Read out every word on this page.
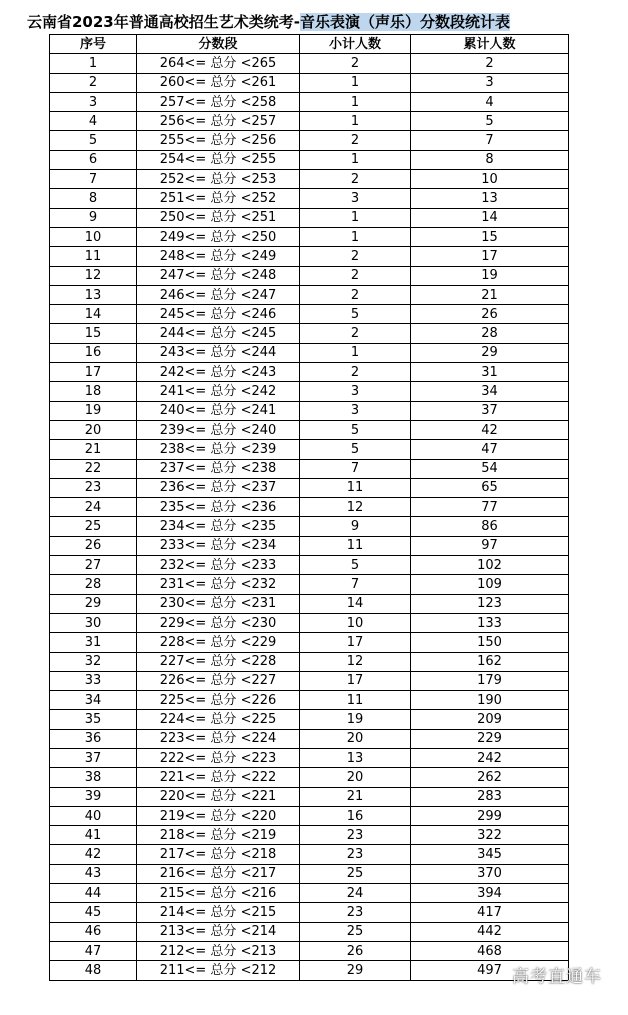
云南省2023年普通高校招生艺术类统考-音乐表演（声乐）分数段统计表
序号	分数段	小计人数	累计人数
1	264<= 总分 <265	2	2
2	260<= 总分 <261	1	3
3	257<= 总分 <258	1	4
4	256<= 总分 <257	1	5
5	255<= 总分 <256	2	7
6	254<= 总分 <255	1	8
7	252<= 总分 <253	2	10
8	251<= 总分 <252	3	13
9	250<= 总分 <251	1	14
10	249<= 总分 <250	1	15
11	248<= 总分 <249	2	17
12	247<= 总分 <248	2	19
13	246<= 总分 <247	2	21
14	245<= 总分 <246	5	26
15	244<= 总分 <245	2	28
16	243<= 总分 <244	1	29
17	242<= 总分 <243	2	31
18	241<= 总分 <242	3	34
19	240<= 总分 <241	3	37
20	239<= 总分 <240	5	42
21	238<= 总分 <239	5	47
22	237<= 总分 <238	7	54
23	236<= 总分 <237	11	65
24	235<= 总分 <236	12	77
25	234<= 总分 <235	9	86
26	233<= 总分 <234	11	97
27	232<= 总分 <233	5	102
28	231<= 总分 <232	7	109
29	230<= 总分 <231	14	123
30	229<= 总分 <230	10	133
31	228<= 总分 <229	17	150
32	227<= 总分 <228	12	162
33	226<= 总分 <227	17	179
34	225<= 总分 <226	11	190
35	224<= 总分 <225	19	209
36	223<= 总分 <224	20	229
37	222<= 总分 <223	13	242
38	221<= 总分 <222	20	262
39	220<= 总分 <221	21	283
40	219<= 总分 <220	16	299
41	218<= 总分 <219	23	322
42	217<= 总分 <218	23	345
43	216<= 总分 <217	25	370
44	215<= 总分 <216	24	394
45	214<= 总分 <215	23	417
46	213<= 总分 <214	25	442
47	212<= 总分 <213	26	468
48	211<= 总分 <212	29	497 高考直通车
